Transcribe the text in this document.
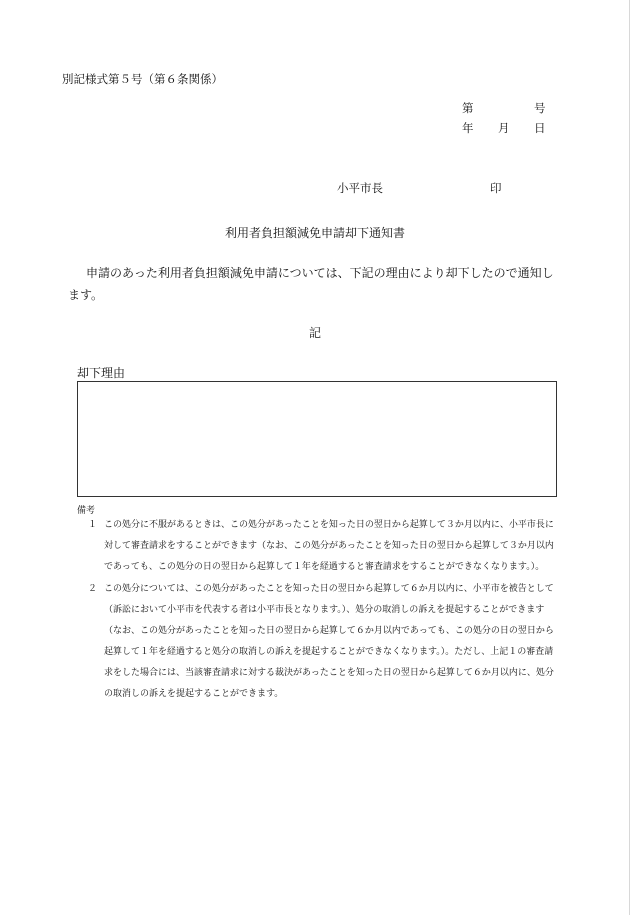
別記様式第５号（第６条関係）
第	号
年 月 日
小平市長	印
利用者負担額減免申請却下通知書
申請のあった利用者負担額減免申請については、下記の理由により却下したので通知します。
記
却下理由
備考
１ この処分に不服があるときは、この処分があったことを知った日の翌日から起算して３か月以内に、小平市長に対して審査請求をすることができます（なお、この処分があったことを知った日の翌日から起算して３か月以内であっても、この処分の日の翌日から起算して１年を経過すると審査請求をすることができなくなります。）。
２ この処分については、この処分があったことを知った日の翌日から起算して６か月以内に、小平市を被告として（訴訟において小平市を代表する者は小平市長となります。）、処分の取消しの訴えを提起することができます（なお、この処分があったことを知った日の翌日から起算して６か月以内であっても、この処分の日の翌日から起算して１年を経過すると処分の取消しの訴えを提起することができなくなります。）。ただし、上記１の審査請求をした場合には、当該審査請求に対する裁決があったことを知った日の翌日から起算して６か月以内に、処分の取消しの訴えを提起することができます。
